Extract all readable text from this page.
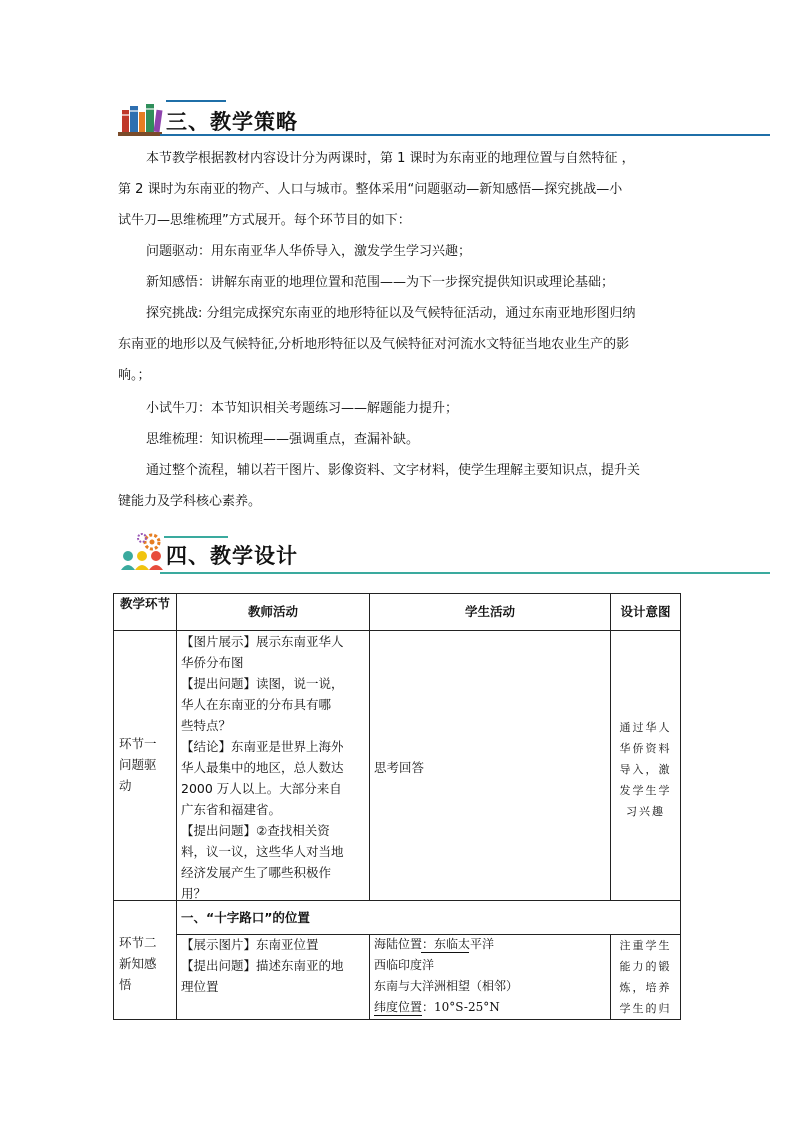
三、教学策略
本节教学根据教材内容设计分为两课时，第 1 课时为东南亚的地理位置与自然特征 ，
第 2 课时为东南亚的物产、人口与城市。整体采用“问题驱动—新知感悟—探究挑战—小
试牛刀—思维梳理”方式展开。每个环节目的如下：
问题驱动：用东南亚华人华侨导入，激发学生学习兴趣；
新知感悟：讲解东南亚的地理位置和范围——为下一步探究提供知识或理论基础；
探究挑战: 分组完成探究东南亚的地形特征以及气候特征活动，通过东南亚地形图归纳
东南亚的地形以及气候特征,分析地形特征以及气候特征对河流水文特征当地农业生产的影
响。；
小试牛刀：本节知识相关考题练习——解题能力提升；
思维梳理：知识梳理——强调重点，查漏补缺。
通过整个流程，辅以若干图片、影像资料、文字材料，使学生理解主要知识点，提升关
键能力及学科核心素养。
四、教学设计
教学环节
教师活动	学生活动	设计意图
环节一问题驱动
【图片展示】展示东南亚华人
华侨分布图
【提出问题】读图，说一说，
华人在东南亚的分布具有哪
些特点？
【结论】东南亚是世界上海外
华人最集中的地区，总人数达
2000 万人以上。大部分来自
广东省和福建省。
【提出问题】②查找相关资
料，议一议，这些华人对当地
经济发展产生了哪些积极作
用？
思考回答
通过华人
华侨资料
导入，激
发学生学
习兴趣
环节二新知感悟
一、“十字路口”的位置
【展示图片】东南亚位置
【提出问题】描述东南亚的地
理位置
海陆位置：东临太平洋
西临印度洋
东南与大洋洲相望（相邻）
纬度位置：10°S-25°N
注重学生
能力的锻
炼，培养
学生的归
